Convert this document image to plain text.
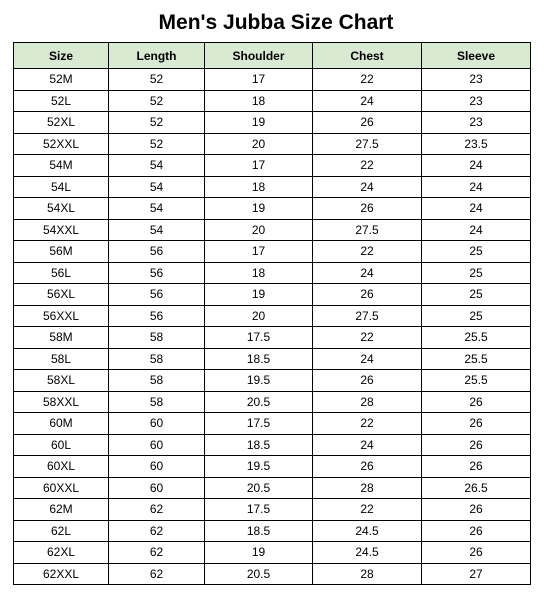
Men's Jubba Size Chart
Size	Length	Shoulder	Chest	Sleeve
52M	52	17	22	23
52L	52	18	24	23
52XL	52	19	26	23
52XXL	52	20	27.5	23.5
54M	54	17	22	24
54L	54	18	24	24
54XL	54	19	26	24
54XXL	54	20	27.5	24
56M	56	17	22	25
56L	56	18	24	25
56XL	56	19	26	25
56XXL	56	20	27.5	25
58M	58	17.5	22	25.5
58L	58	18.5	24	25.5
58XL	58	19.5	26	25.5
58XXL	58	20.5	28	26
60M	60	17.5	22	26
60L	60	18.5	24	26
60XL	60	19.5	26	26
60XXL	60	20.5	28	26.5
62M	62	17.5	22	26
62L	62	18.5	24.5	26
62XL	62	19	24.5	26
62XXL	62	20.5	28	27
